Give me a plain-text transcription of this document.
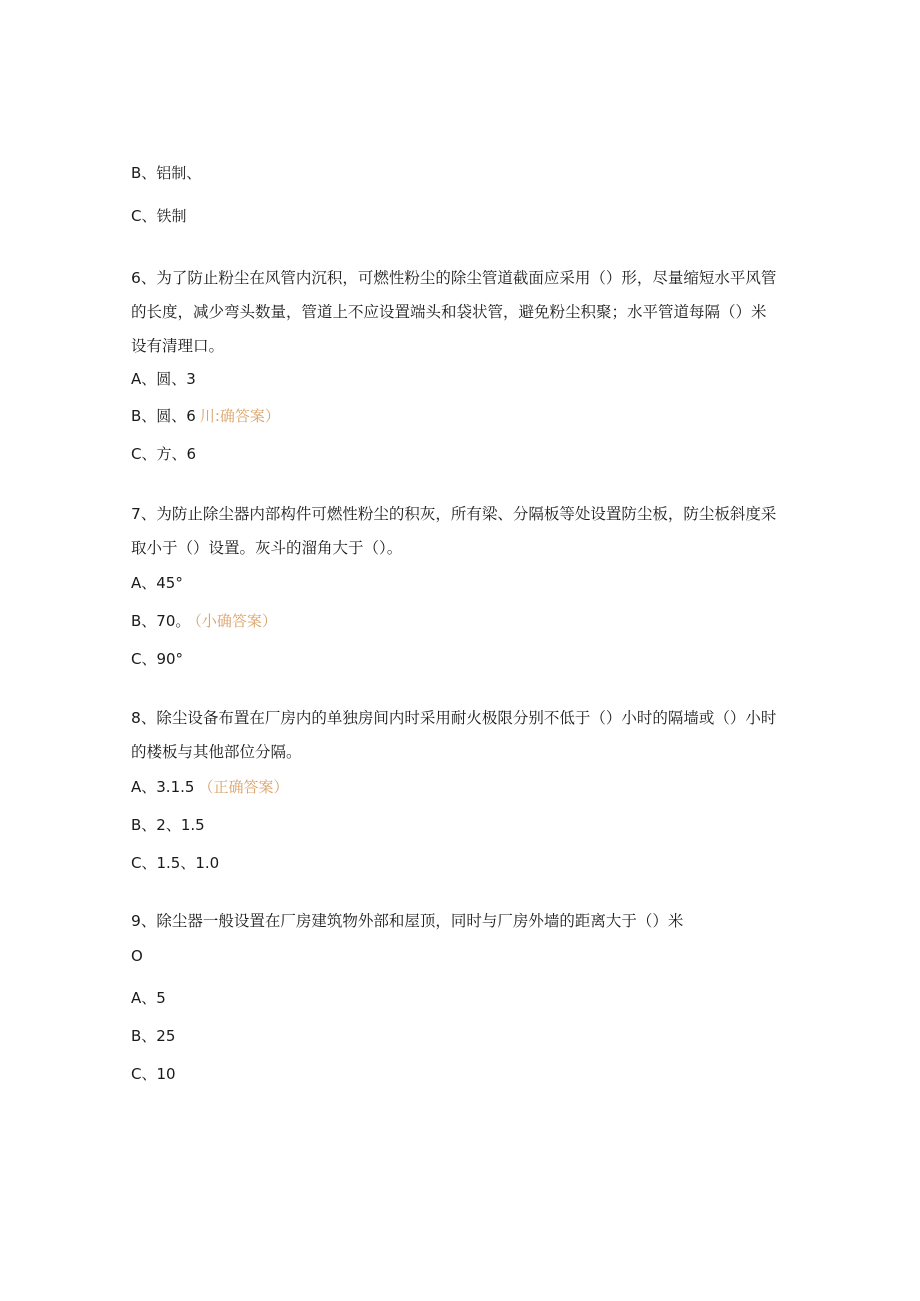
B、铝制、
C、铁制
6、为了防止粉尘在风管内沉积，可燃性粉尘的除尘管道截面应采用（）形，尽量缩短水平风管的长度，减少弯头数量，管道上不应设置端头和袋状管，避免粉尘积聚；水平管道每隔（）米设有清理口。
A、圆、3
B、圆、6 川:确答案）
C、方、6
7、为防止除尘器内部构件可燃性粉尘的积灰，所有梁、分隔板等处设置防尘板，防尘板斜度采取小于（）设置。灰斗的溜角大于（）。
A、45°
B、70。 （小确答案）
C、90°
8、除尘设备布置在厂房内的单独房间内时采用耐火极限分别不低于（）小时的隔墙或（）小时的楼板与其他部位分隔。
A、3.1.5 （正确答案）
B、2、1.5
C、1.5、1.0
9、除尘器一般设置在厂房建筑物外部和屋顶，同时与厂房外墙的距离大于（）米
O
A、5
B、25
C、10
